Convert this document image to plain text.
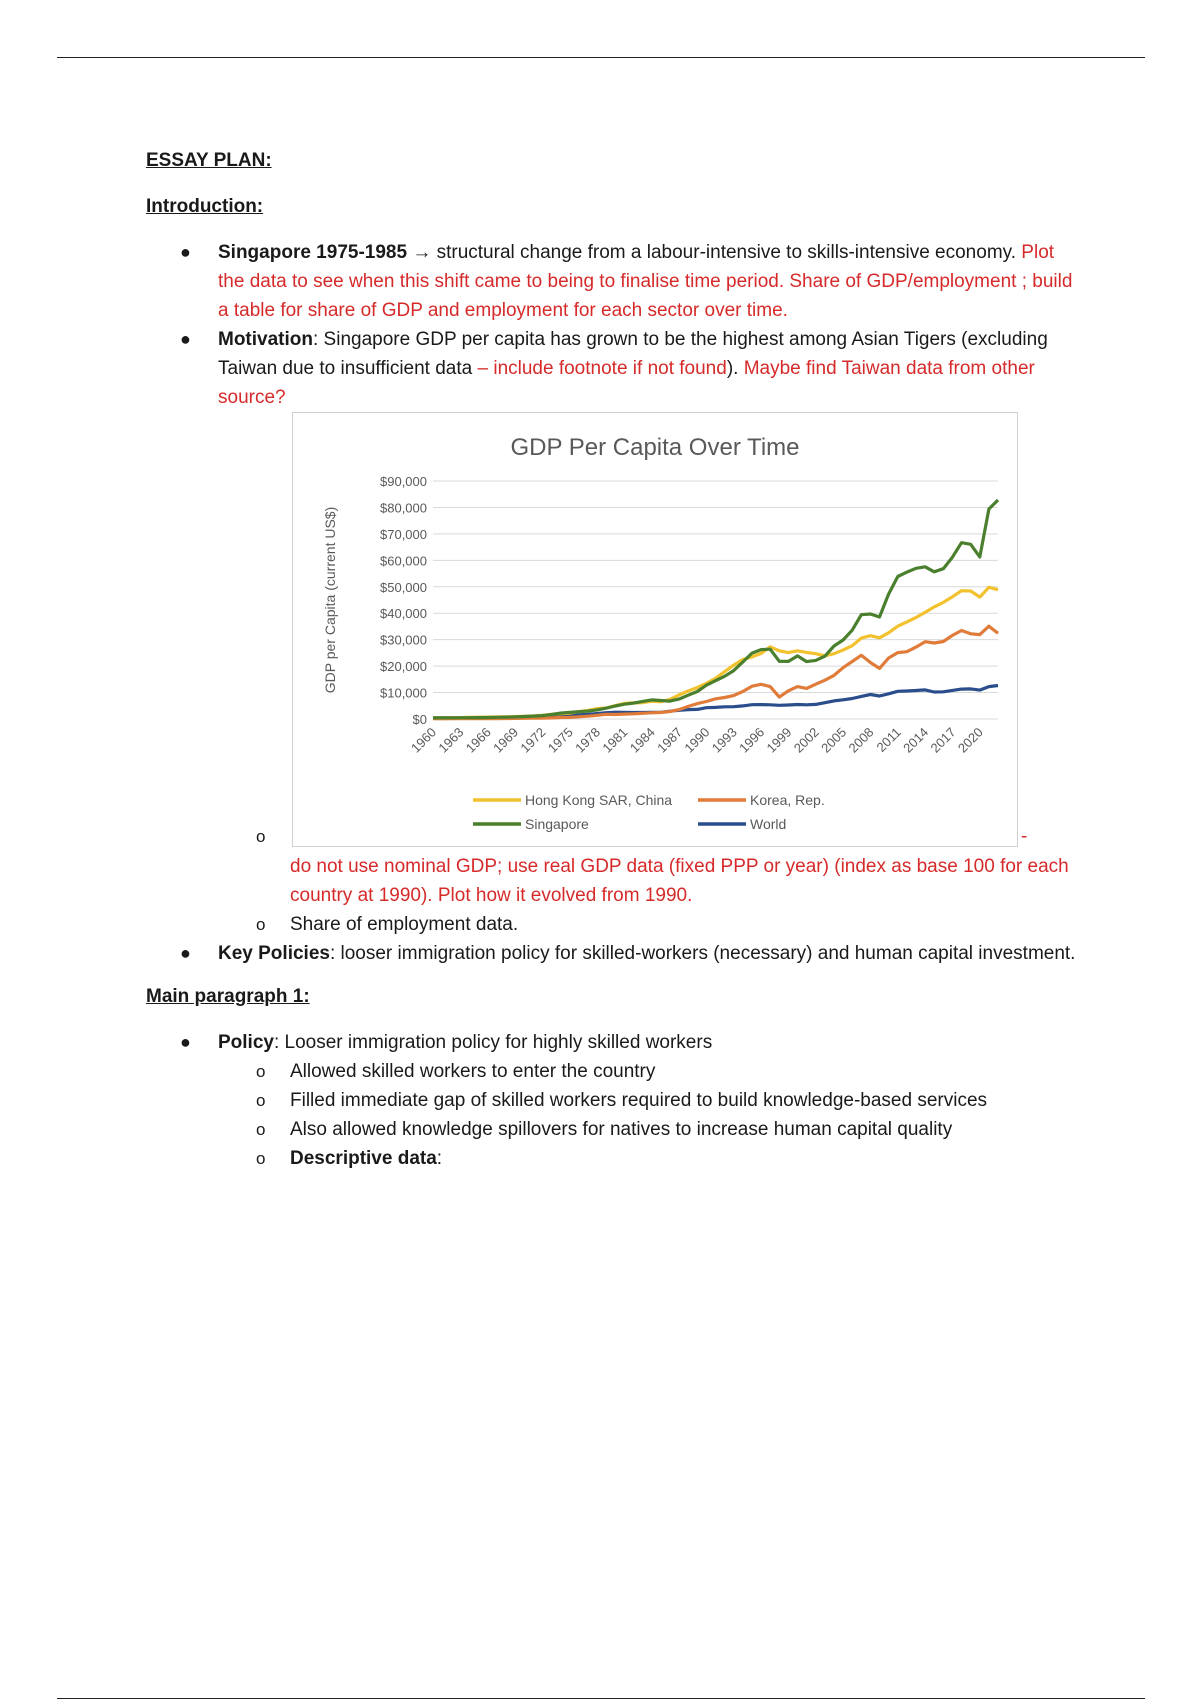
ESSAY PLAN:
Introduction:
● Singapore 1975-1985 → structural change from a labour-intensive to skills-intensive economy. Plot the data to see when this shift came to being to finalise time period. Share of GDP/employment ; build a table for share of GDP and employment for each sector over time.
● Motivation: Singapore GDP per capita has grown to be the highest among Asian Tigers (excluding Taiwan due to insufficient data – include footnote if not found). Maybe find Taiwan data from other source?
o
GDP Per Capita Over Time
$0
$10,000
$20,000
$30,000
$40,000
$50,000
$60,000
$70,000
$80,000
$90,000
GDP per Capita (current US$)
1960
1963
1966
1969
1972
1975
1978
1981
1984
1987
1990
1993
1996
1999
2002
2005
2008
2011
2014
2017
2020
Hong Kong SAR, China	Korea, Rep.
Singapore	World
-
do not use nominal GDP; use real GDP data (fixed PPP or year) (index as base 100 for each country at 1990). Plot how it evolved from 1990.
o Share of employment data.
● Key Policies: looser immigration policy for skilled-workers (necessary) and human capital investment.
Main paragraph 1:
● Policy: Looser immigration policy for highly skilled workers
o Allowed skilled workers to enter the country
o Filled immediate gap of skilled workers required to build knowledge-based services
o Also allowed knowledge spillovers for natives to increase human capital quality
o Descriptive data:
